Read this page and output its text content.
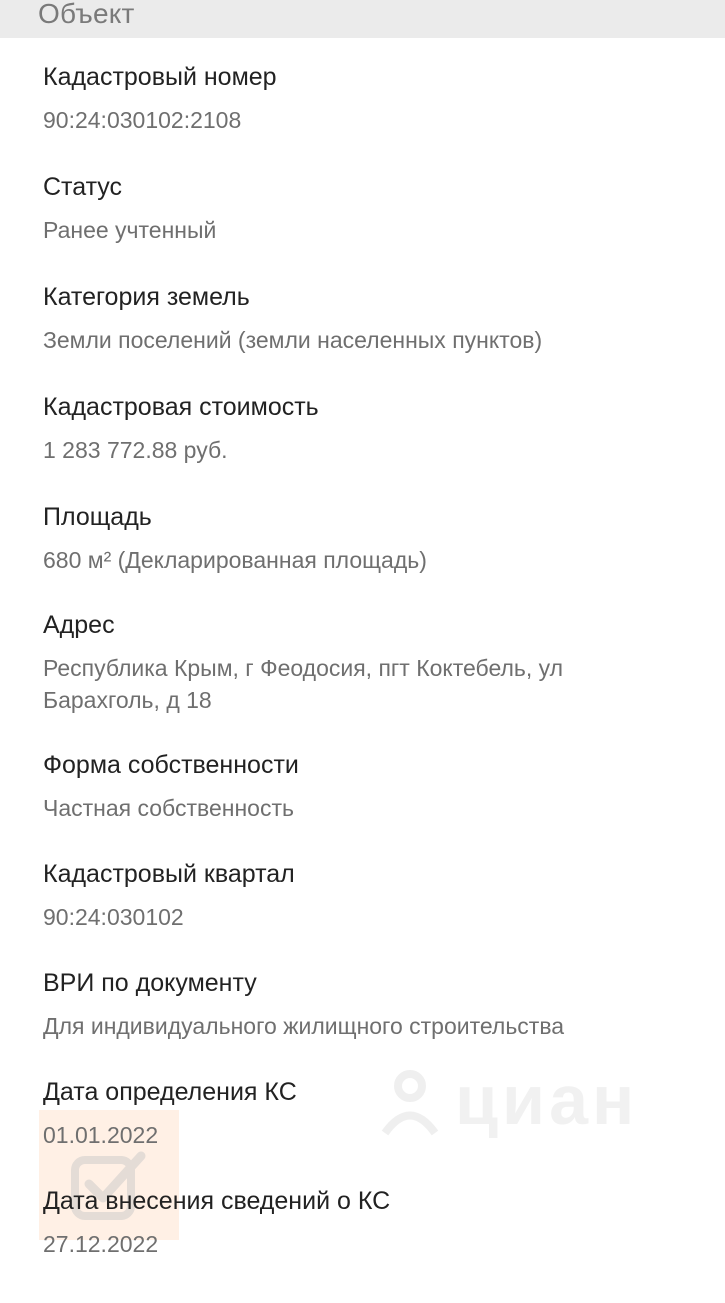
Объект
циан
Кадастровый номер
90:24:030102:2108
Статус
Ранее учтенный
Категория земель
Земли поселений (земли населенных пунктов)
Кадастровая стоимость
1 283 772.88 руб.
Площадь
680 м² (Декларированная площадь)
Адрес
Республика Крым, г Феодосия, пгт Коктебель, ул Барахголь, д 18
Форма собственности
Частная собственность
Кадастровый квартал
90:24:030102
ВРИ по документу
Для индивидуального жилищного строительства
Дата определения КС
01.01.2022
Дата внесения сведений о КС
27.12.2022
